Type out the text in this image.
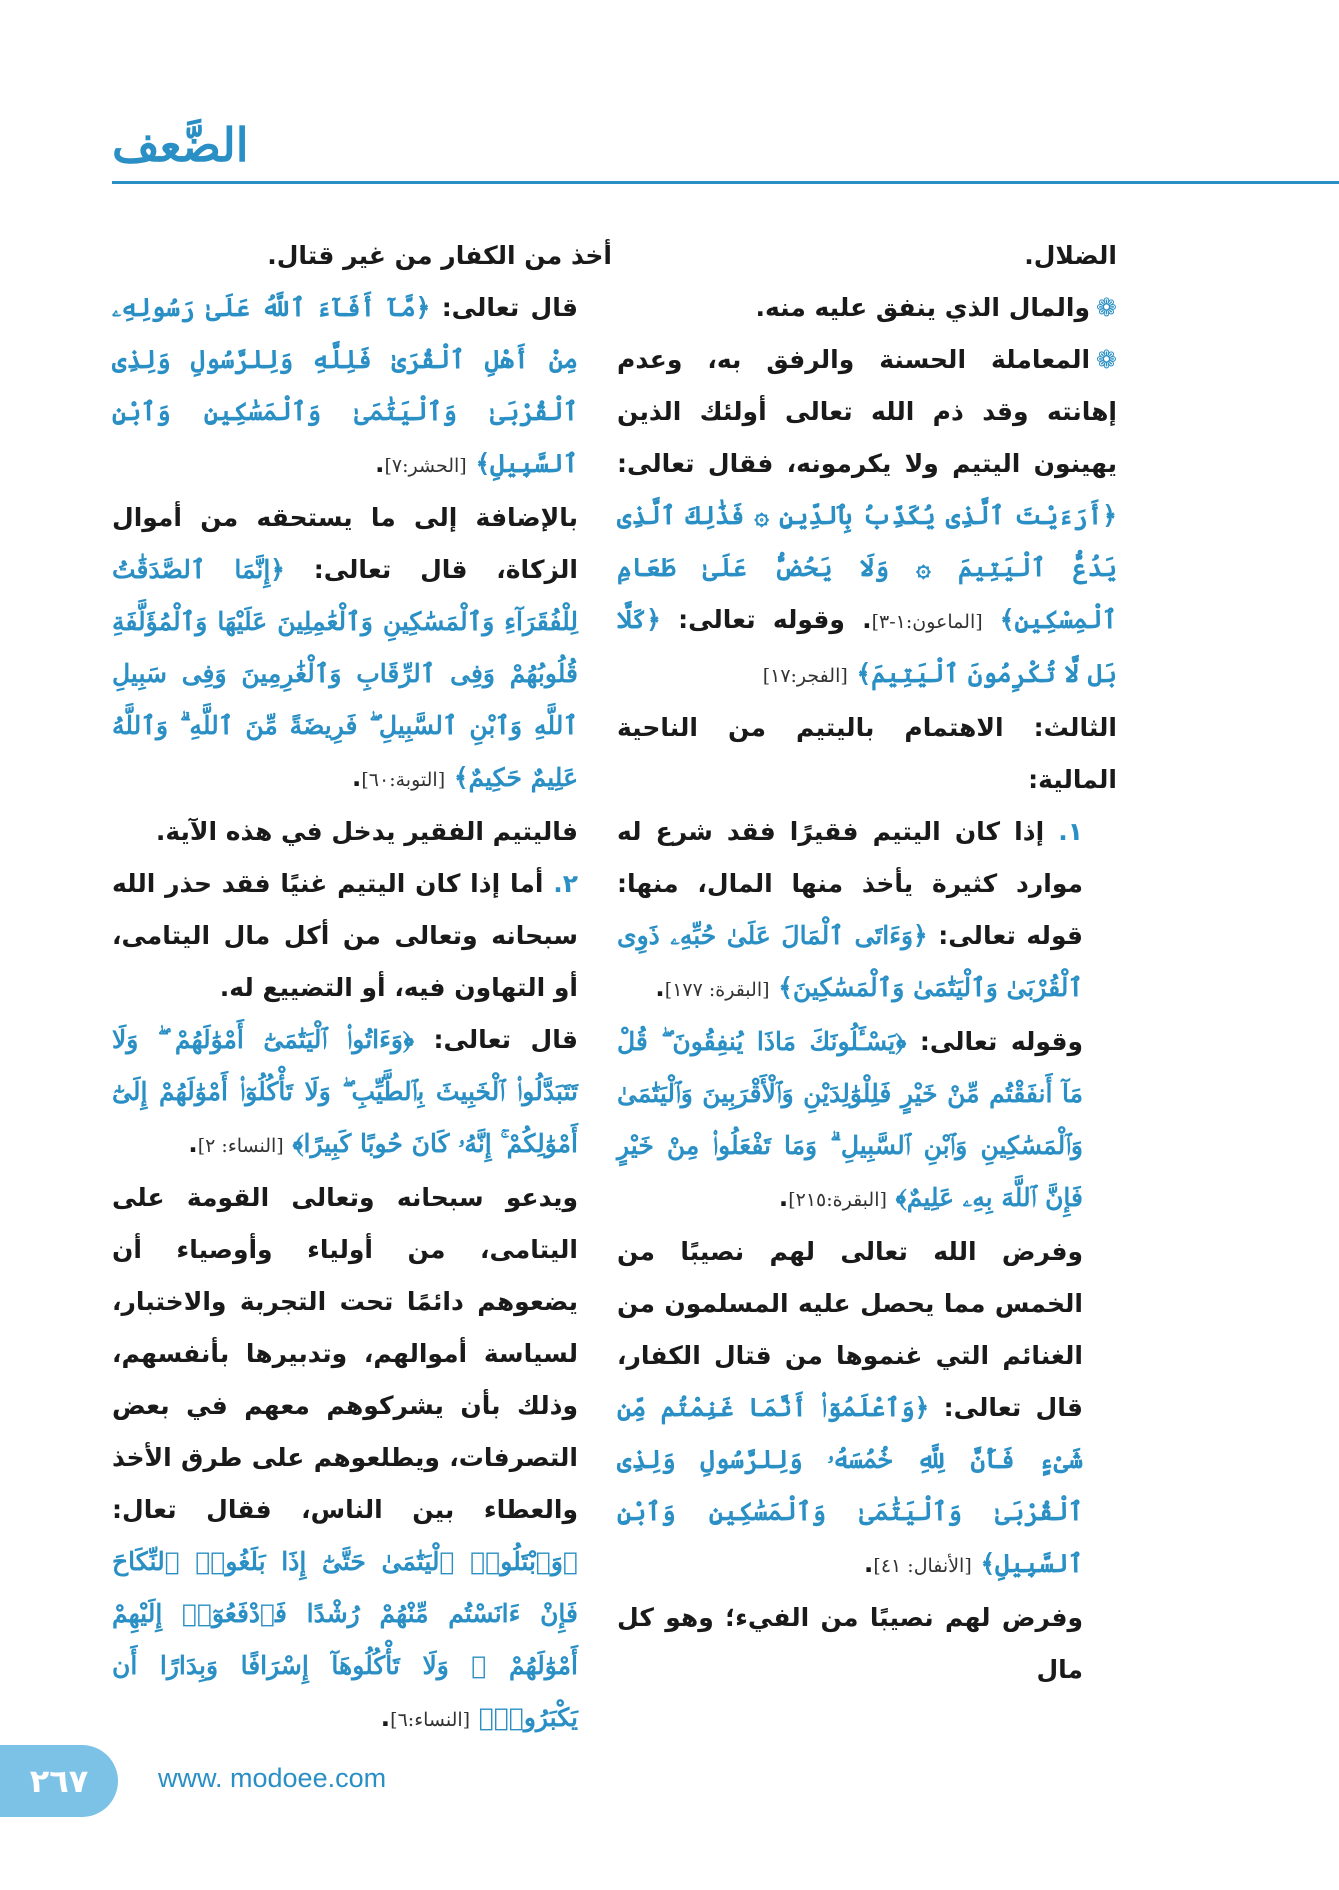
الضَّعف

الضلال.

❁والمال الذي ينفق عليه منه.

❁المعاملة الحسنة والرفق به، وعدم إهانته وقد ذم الله تعالى أولئك الذين يهينون اليتيم ولا يكرمونه، فقال تعالى: ﴿أَرَءَيْتَ ٱلَّذِى يُكَذِّبُ بِٱلدِّينِ ۞ فَذَٰلِكَ ٱلَّذِى يَدُعُّ ٱلْيَتِيمَ ۞ وَلَا يَحُضُّ عَلَىٰ طَعَامِ ٱلْمِسْكِينِ﴾ [الماعون:١-٣]. وقوله تعالى: ﴿كَلَّا بَل لَّا تُكْرِمُونَ ٱلْيَتِيمَ﴾ [الفجر:١٧]

الثالث: الاهتمام باليتيم من الناحية المالية:

١. إذا كان اليتيم فقيرًا فقد شرع له موارد كثيرة يأخذ منها المال، منها: قوله تعالى: ﴿وَءَاتَى ٱلْمَالَ عَلَىٰ حُبِّهِۦ ذَوِى ٱلْقُرْبَىٰ وَٱلْيَتَٰمَىٰ وَٱلْمَسَٰكِينَ﴾ [البقرة: ١٧٧].

وقوله تعالى: ﴿يَسْـَٔلُونَكَ مَاذَا يُنفِقُونَ ۖ قُلْ مَآ أَنفَقْتُم مِّنْ خَيْرٍ فَلِلْوَٰلِدَيْنِ وَٱلْأَقْرَبِينَ وَٱلْيَتَٰمَىٰ وَٱلْمَسَٰكِينِ وَٱبْنِ ٱلسَّبِيلِ ۗ وَمَا تَفْعَلُوا۟ مِنْ خَيْرٍ فَإِنَّ ٱللَّهَ بِهِۦ عَلِيمٌ﴾ [البقرة:٢١٥].

وفرض الله تعالى لهم نصيبًا من الخمس مما يحصل عليه المسلمون من الغنائم التي غنموها من قتال الكفار، قال تعالى: ﴿وَٱعْلَمُوٓا۟ أَنَّمَا غَنِمْتُم مِّن شَىْءٍ فَأَنَّ لِلَّهِ خُمُسَهُۥ وَلِلرَّسُولِ وَلِذِى ٱلْقُرْبَىٰ وَٱلْيَتَٰمَىٰ وَٱلْمَسَٰكِينِ وَٱبْنِ ٱلسَّبِيلِ﴾ [الأنفال: ٤١].

وفرض لهم نصيبًا من الفيء؛ وهو كل مال

أخذ من الكفار من غير قتال.

قال تعالى: ﴿مَّآ أَفَآءَ ٱللَّهُ عَلَىٰ رَسُولِهِۦ مِنْ أَهْلِ ٱلْقُرَىٰ فَلِلَّهِ وَلِلرَّسُولِ وَلِذِى ٱلْقُرْبَىٰ وَٱلْيَتَٰمَىٰ وَٱلْمَسَٰكِينِ وَٱبْنِ ٱلسَّبِيلِ﴾ [الحشر:٧].

بالإضافة إلى ما يستحقه من أموال الزكاة، قال تعالى: ﴿إِنَّمَا ٱلصَّدَقَٰتُ لِلْفُقَرَآءِ وَٱلْمَسَٰكِينِ وَٱلْعَٰمِلِينَ عَلَيْهَا وَٱلْمُؤَلَّفَةِ قُلُوبُهُمْ وَفِى ٱلرِّقَابِ وَٱلْغَٰرِمِينَ وَفِى سَبِيلِ ٱللَّهِ وَٱبْنِ ٱلسَّبِيلِ ۖ فَرِيضَةً مِّنَ ٱللَّهِ ۗ وَٱللَّهُ عَلِيمٌ حَكِيمٌ﴾ [التوبة:٦٠].

فاليتيم الفقير يدخل في هذه الآية.

٢. أما إذا كان اليتيم غنيًا فقد حذر الله سبحانه وتعالى من أكل مال اليتامى، أو التهاون فيه، أو التضييع له.

قال تعالى: ﴿وَءَاتُوا۟ ٱلْيَتَٰمَىٰٓ أَمْوَٰلَهُمْ ۖ وَلَا تَتَبَدَّلُوا۟ ٱلْخَبِيثَ بِٱلطَّيِّبِ ۖ وَلَا تَأْكُلُوٓا۟ أَمْوَٰلَهُمْ إِلَىٰٓ أَمْوَٰلِكُمْ ۚ إِنَّهُۥ كَانَ حُوبًا كَبِيرًا﴾ [النساء: ٢].

ويدعو سبحانه وتعالى القومة على اليتامى، من أولياء وأوصياء أن يضعوهم دائمًا تحت التجربة والاختبار، لسياسة أموالهم، وتدبيرها بأنفسهم، وذلك بأن يشركوهم معهم في بعض التصرفات، ويطلعوهم على طرق الأخذ والعطاء بين الناس، فقال تعال: ﴿وَٱبْتَلُوا۟ ٱلْيَتَٰمَىٰ حَتَّىٰٓ إِذَا بَلَغُوا۟ ٱلنِّكَاحَ فَإِنْ ءَانَسْتُم مِّنْهُمْ رُشْدًا فَٱدْفَعُوٓا۟ إِلَيْهِمْ أَمْوَٰلَهُمْ ۖ وَلَا تَأْكُلُوهَآ إِسْرَافًا وَبِدَارًا أَن يَكْبَرُوا۟﴾ [النساء:٦].

٢٦٧	www. modoee.com
